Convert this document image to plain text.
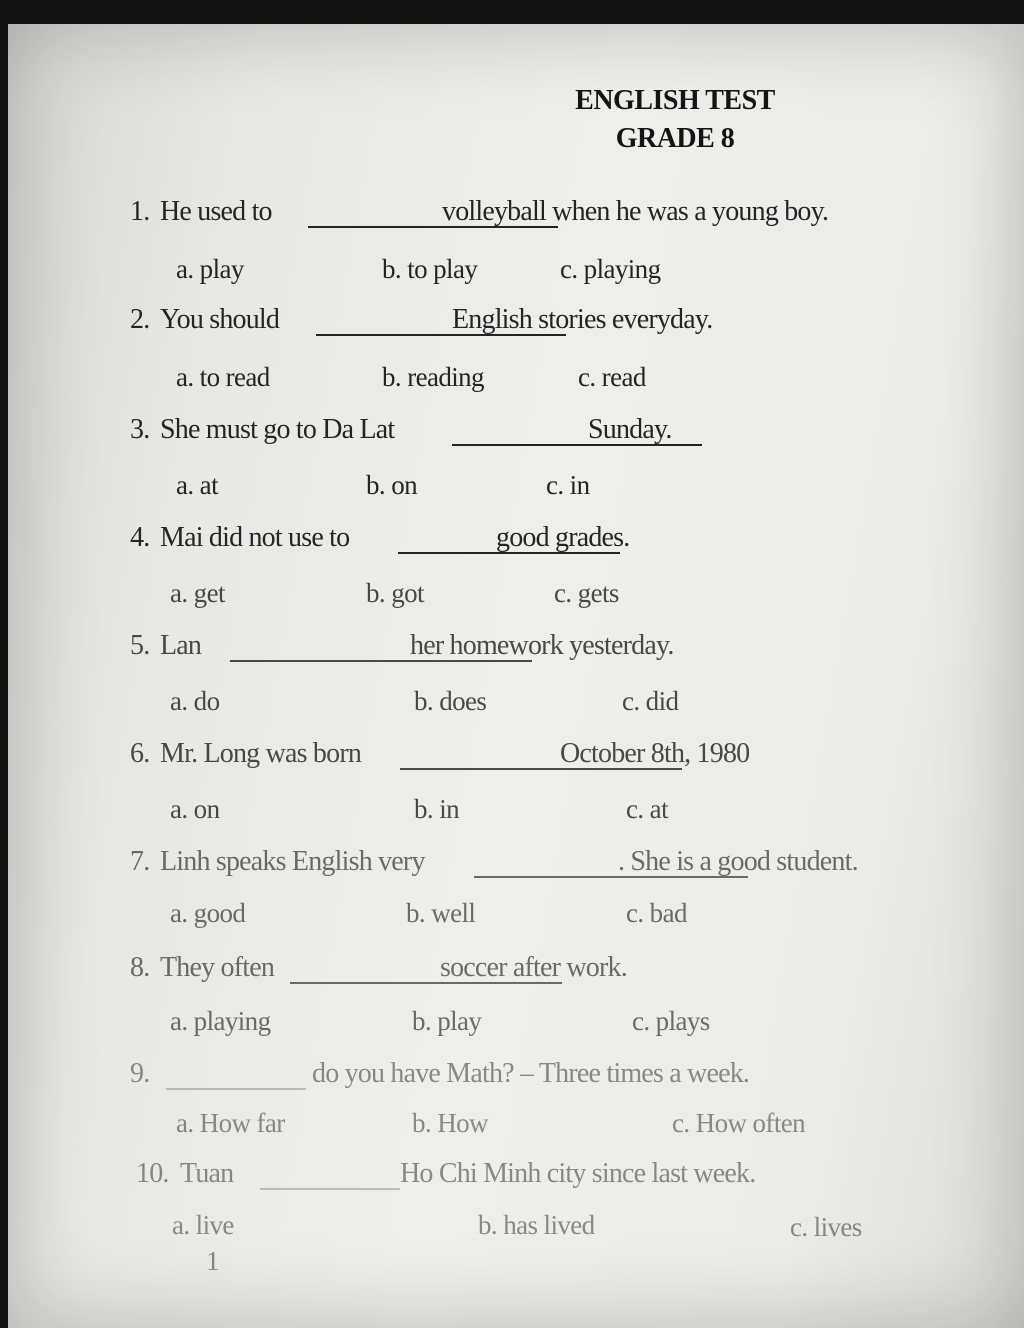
ENGLISH TEST
GRADE 8
1. He used to	volleyball when he was a young boy.
a. play	b. to play	c. playing
2. You should	English stories everyday.
a. to read	b. reading	c. read
3. She must go to Da Lat	Sunday.
a. at	b. on	c. in
4. Mai did not use to	good grades.
a. get	b. got	c. gets
5. Lan	her homework yesterday.
a. do	b. does	c. did
6. Mr. Long was born	October 8th, 1980
a. on	b. in	c. at
7. Linh speaks English very	. She is a good student.
a. good	b. well	c. bad
8. They often	soccer after work.
a. playing	b. play	c. plays
9.	do you have Math? – Three times a week.
a. How far	b. How	c. How often
10. Tuan	Ho Chi Minh city since last week.
a. live	b. has lived	c. lives
1
